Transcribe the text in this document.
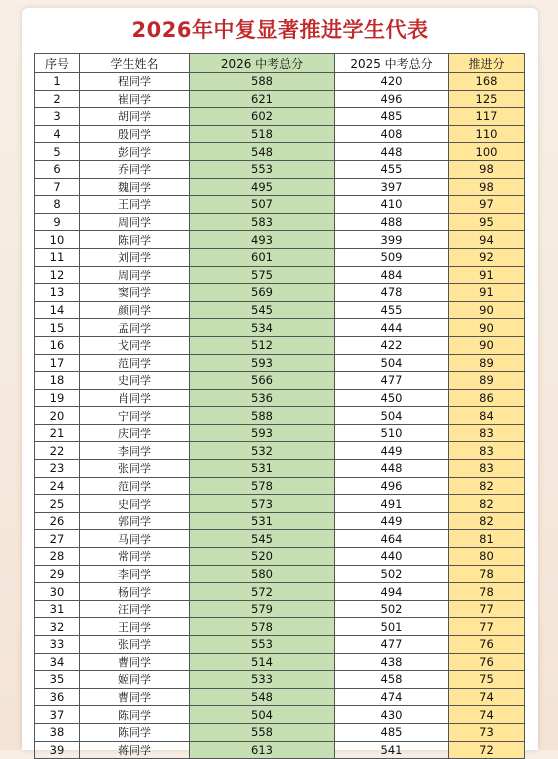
2026年中复显著推进学生代表
序号	学生姓名	2026 中考总分	2025 中考总分	推进分
1	程同学	588	420	168
2	崔同学	621	496	125
3	胡同学	602	485	117
4	殷同学	518	408	110
5	彭同学	548	448	100
6	乔同学	553	455	98
7	魏同学	495	397	98
8	王同学	507	410	97
9	周同学	583	488	95
10	陈同学	493	399	94
11	刘同学	601	509	92
12	周同学	575	484	91
13	窦同学	569	478	91
14	颜同学	545	455	90
15	孟同学	534	444	90
16	戈同学	512	422	90
17	范同学	593	504	89
18	史同学	566	477	89
19	肖同学	536	450	86
20	宁同学	588	504	84
21	庆同学	593	510	83
22	李同学	532	449	83
23	张同学	531	448	83
24	范同学	578	496	82
25	史同学	573	491	82
26	郭同学	531	449	82
27	马同学	545	464	81
28	常同学	520	440	80
29	李同学	580	502	78
30	杨同学	572	494	78
31	汪同学	579	502	77
32	王同学	578	501	77
33	张同学	553	477	76
34	曹同学	514	438	76
35	姬同学	533	458	75
36	曹同学	548	474	74
37	陈同学	504	430	74
38	陈同学	558	485	73
39	蒋同学	613	541	72
